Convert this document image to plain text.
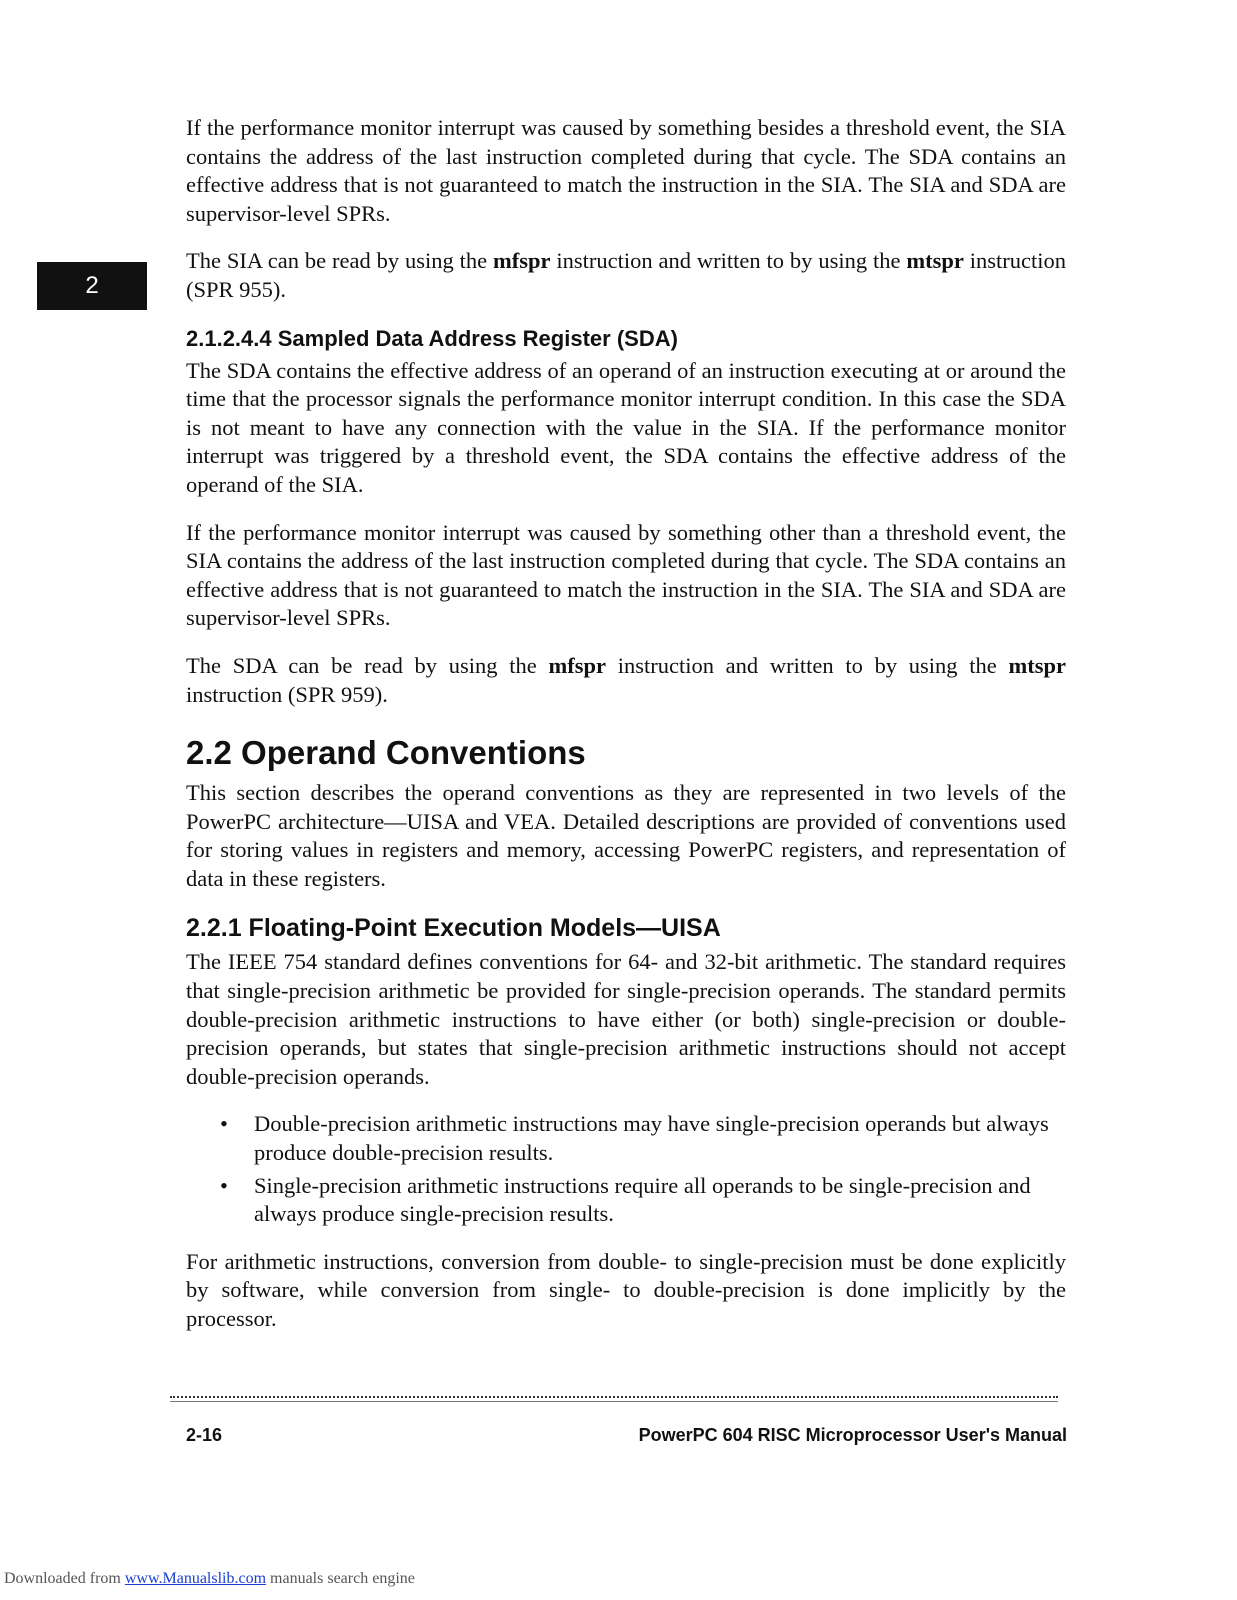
2

If the performance monitor interrupt was caused by something besides a threshold event, the SIA contains the address of the last instruction completed during that cycle. The SDA contains an effective address that is not guaranteed to match the instruction in the SIA. The SIA and SDA are supervisor-level SPRs.

The SIA can be read by using the mfspr instruction and written to by using the mtspr instruction (SPR 955).

2.1.2.4.4 Sampled Data Address Register (SDA)

The SDA contains the effective address of an operand of an instruction executing at or around the time that the processor signals the performance monitor interrupt condition. In this case the SDA is not meant to have any connection with the value in the SIA. If the performance monitor interrupt was triggered by a threshold event, the SDA contains the effective address of the operand of the SIA.

If the performance monitor interrupt was caused by something other than a threshold event, the SIA contains the address of the last instruction completed during that cycle. The SDA contains an effective address that is not guaranteed to match the instruction in the SIA. The SIA and SDA are supervisor-level SPRs.

The SDA can be read by using the mfspr instruction and written to by using the mtspr instruction (SPR 959).

2.2 Operand Conventions

This section describes the operand conventions as they are represented in two levels of the PowerPC architecture—UISA and VEA. Detailed descriptions are provided of conventions used for storing values in registers and memory, accessing PowerPC registers, and representation of data in these registers.

2.2.1 Floating-Point Execution Models—UISA

The IEEE 754 standard defines conventions for 64- and 32-bit arithmetic. The standard requires that single-precision arithmetic be provided for single-precision operands. The standard permits double-precision arithmetic instructions to have either (or both) single-precision or double-precision operands, but states that single-precision arithmetic instructions should not accept double-precision operands.

• Double-precision arithmetic instructions may have single-precision operands but always produce double-precision results.
• Single-precision arithmetic instructions require all operands to be single-precision and always produce single-precision results.

For arithmetic instructions, conversion from double- to single-precision must be done explicitly by software, while conversion from single- to double-precision is done implicitly by the processor.

2-16	PowerPC 604 RISC Microprocessor User's Manual
Downloaded from www.Manualslib.com manuals search engine
